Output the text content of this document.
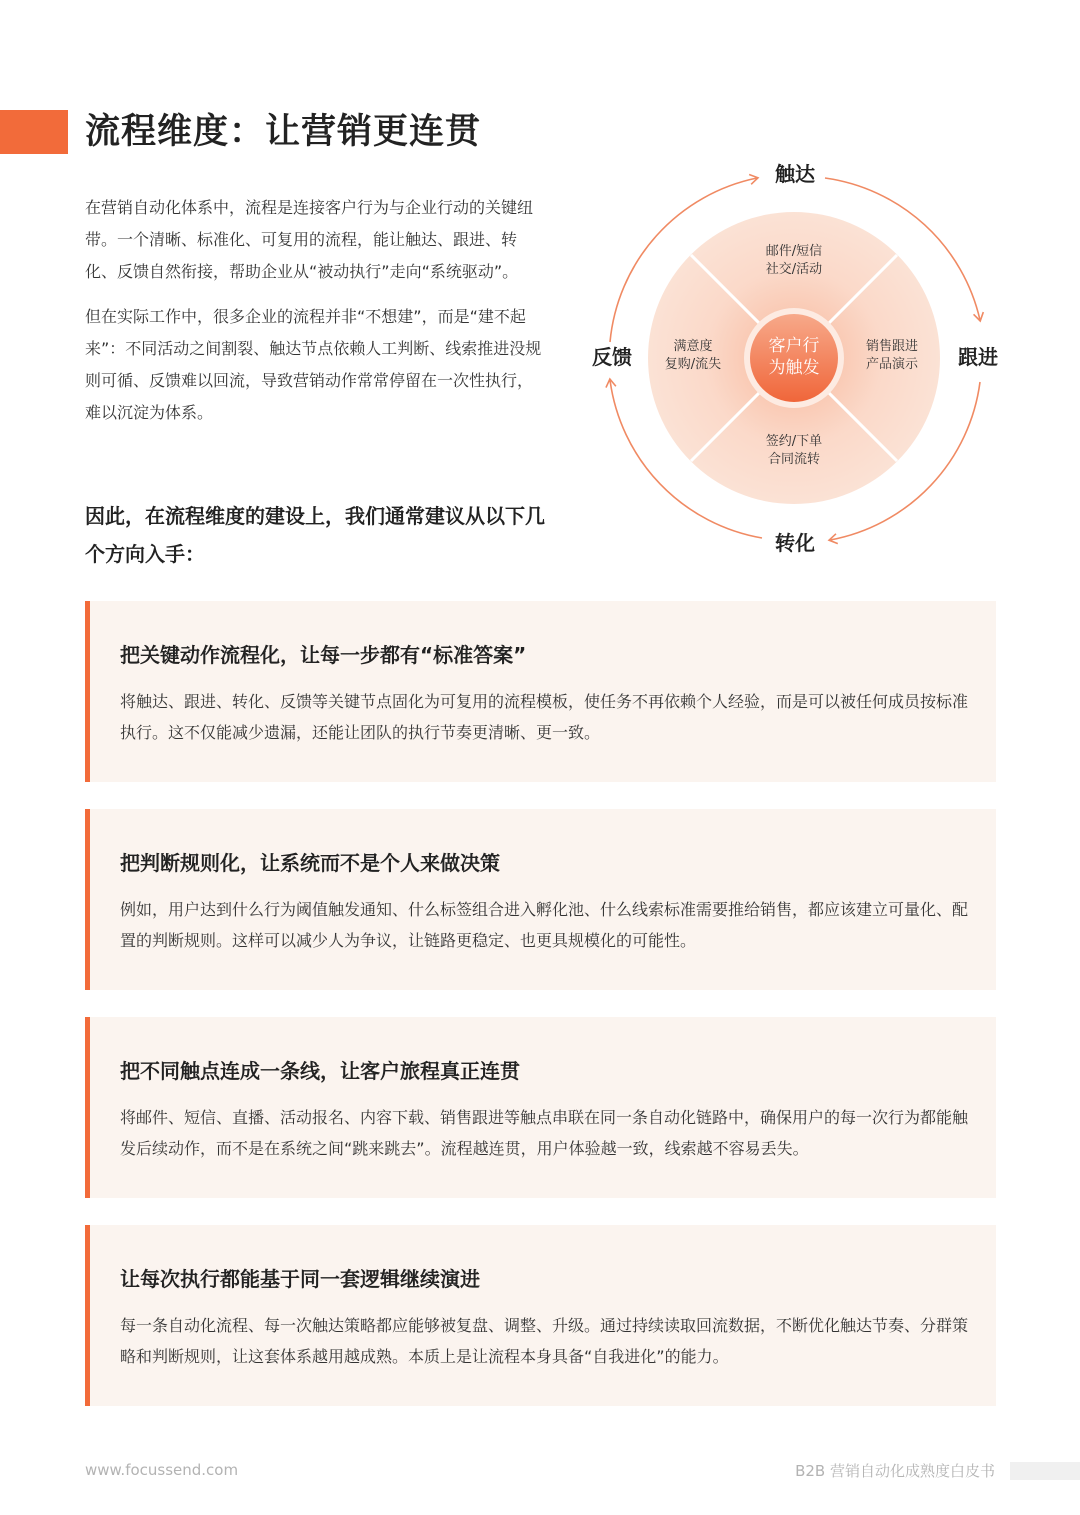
流程维度：让营销更连贯

在营销自动化体系中，流程是连接客户行为与企业行动的关键纽带。一个清晰、标准化、可复用的流程，能让触达、跟进、转化、反馈自然衔接，帮助企业从“被动执行”走向“系统驱动”。

但在实际工作中，很多企业的流程并非“不想建”，而是“建不起来”：不同活动之间割裂、触达节点依赖人工判断、线索推进没规则可循、反馈难以回流，导致营销动作常常停留在一次性执行，难以沉淀为体系。

因此，在流程维度的建设上，我们通常建议从以下几个方向入手：

触达
跟进
转化
反馈
邮件/短信
社交/活动
销售跟进
产品演示
签约/下单
合同流转
满意度
复购/流失
客户行
为触发
把关键动作流程化，让每一步都有“标准答案”

将触达、跟进、转化、反馈等关键节点固化为可复用的流程模板，使任务不再依赖个人经验，而是可以被任何成员按标准执行。这不仅能减少遗漏，还能让团队的执行节奏更清晰、更一致。

把判断规则化，让系统而不是个人来做决策

例如，用户达到什么行为阈值触发通知、什么标签组合进入孵化池、什么线索标准需要推给销售，都应该建立可量化、配置的判断规则。这样可以减少人为争议，让链路更稳定、也更具规模化的可能性。

把不同触点连成一条线，让客户旅程真正连贯

将邮件、短信、直播、活动报名、内容下载、销售跟进等触点串联在同一条自动化链路中，确保用户的每一次行为都能触发后续动作，而不是在系统之间“跳来跳去”。流程越连贯，用户体验越一致，线索越不容易丢失。

让每次执行都能基于同一套逻辑继续演进

每一条自动化流程、每一次触达策略都应能够被复盘、调整、升级。通过持续读取回流数据，不断优化触达节奏、分群策略和判断规则，让这套体系越用越成熟。本质上是让流程本身具备“自我进化”的能力。

www.focussend.com	B2B 营销自动化成熟度白皮书
